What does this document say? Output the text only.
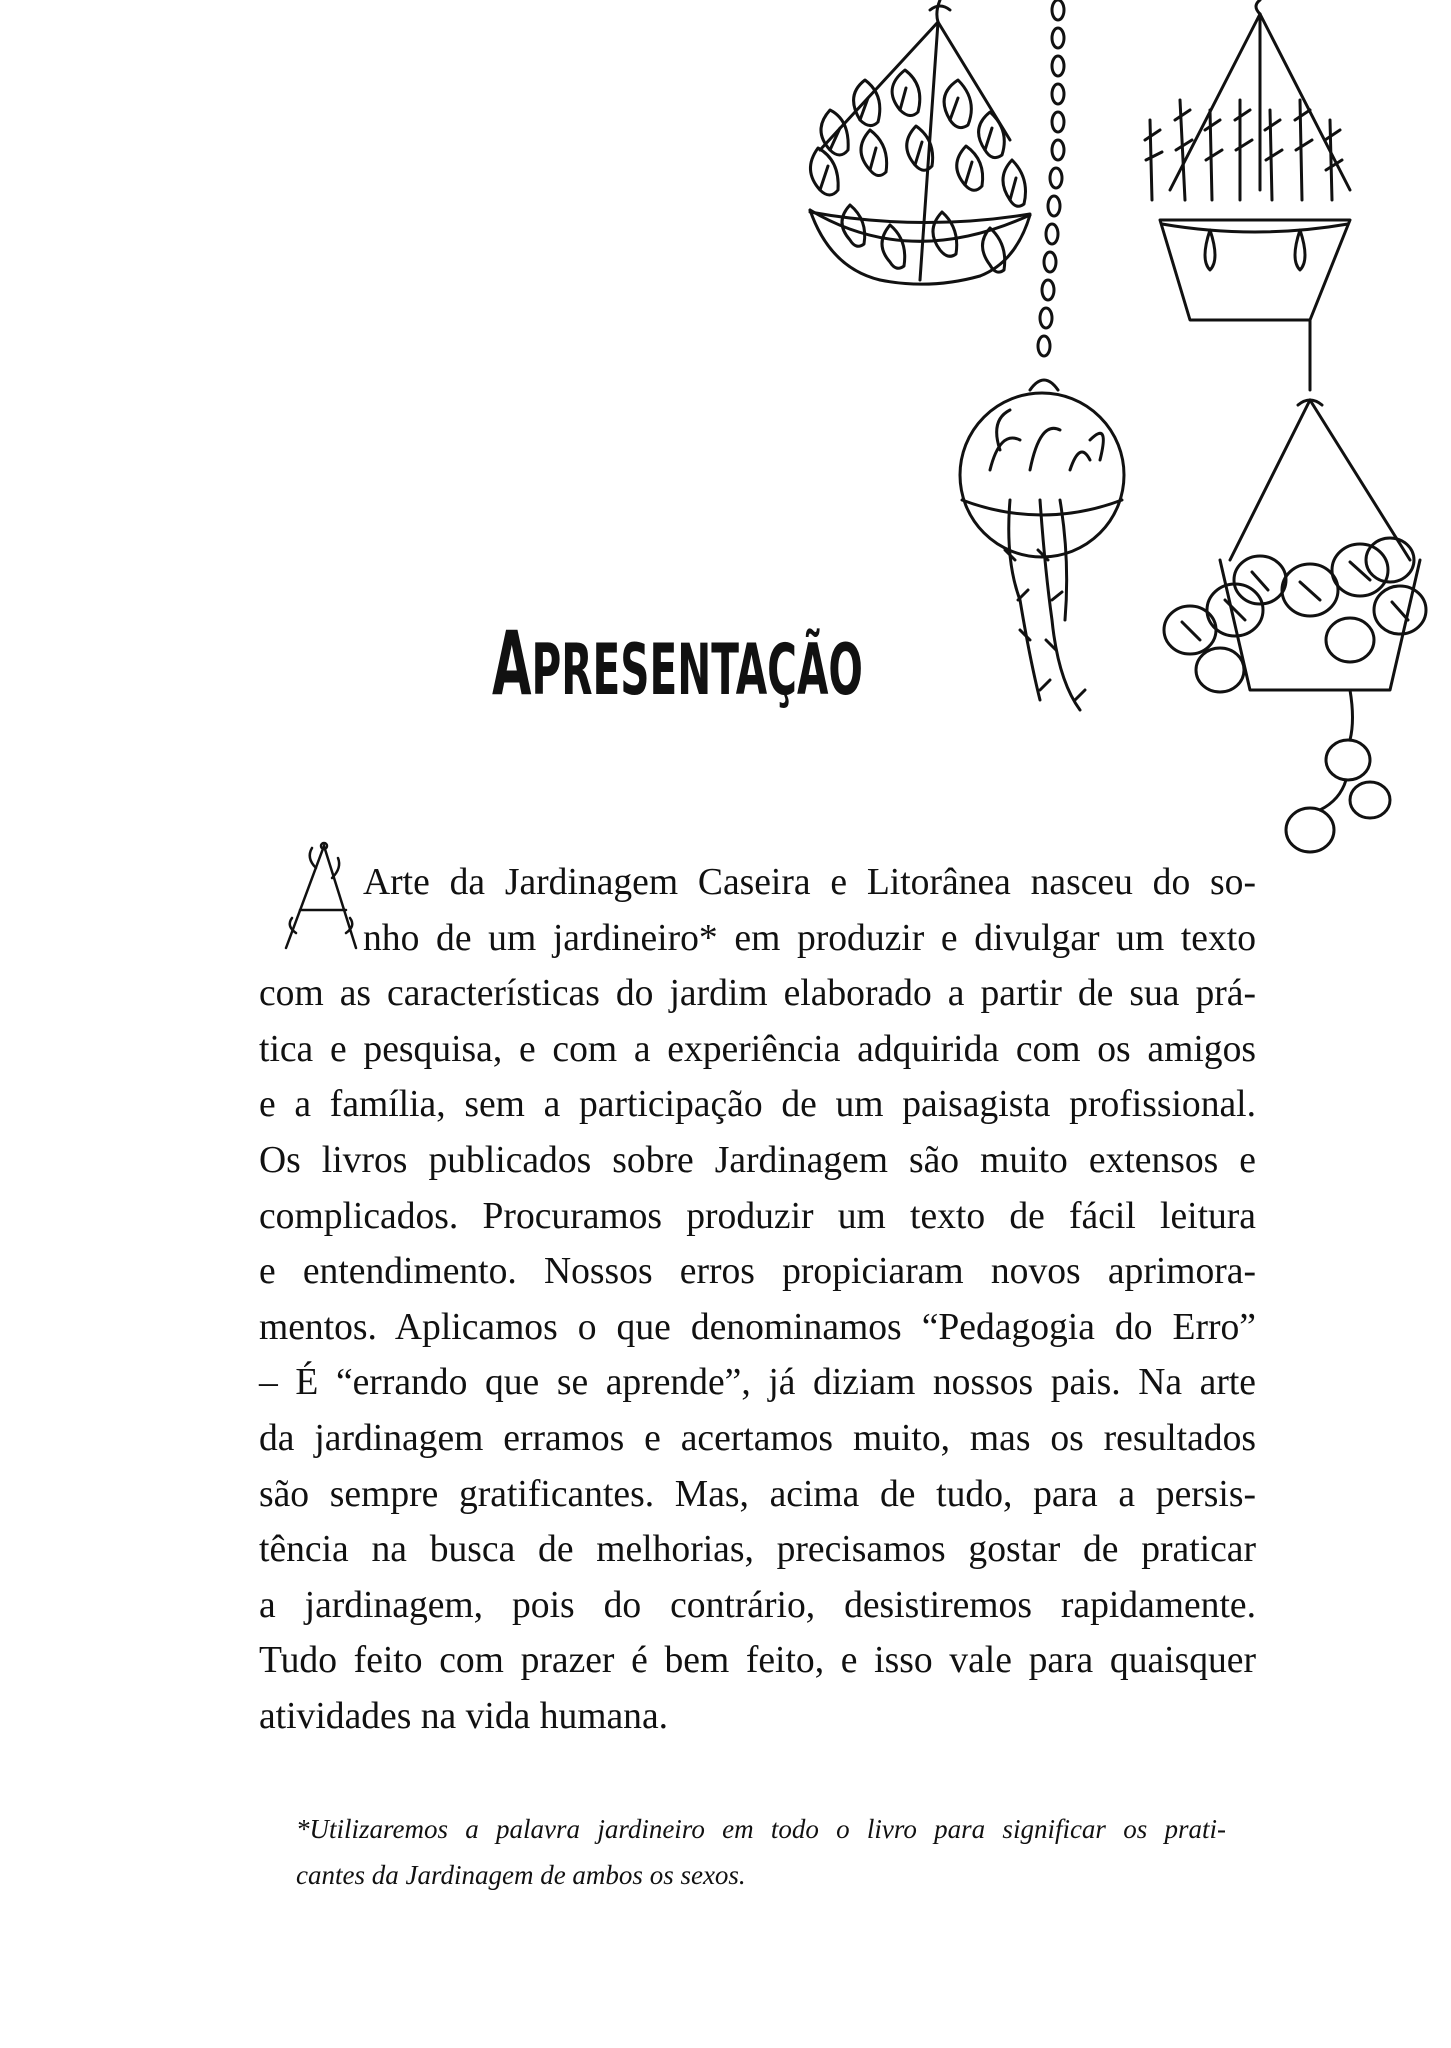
APRESENTAÇÃO
Arte da Jardinagem Caseira e Litorânea nasceu do so-
nho de um jardineiro* em produzir e divulgar um texto
com as características do jardim elaborado a partir de sua prá-
tica e pesquisa, e com a experiência adquirida com os amigos
e a família, sem a participação de um paisagista profissional.
Os livros publicados sobre Jardinagem são muito extensos e
complicados. Procuramos produzir um texto de fácil leitura
e entendimento. Nossos erros propiciaram novos aprimora-
mentos. Aplicamos o que denominamos “Pedagogia do Erro”
– É “errando que se aprende”, já diziam nossos pais. Na arte
da jardinagem erramos e acertamos muito, mas os resultados
são sempre gratificantes. Mas, acima de tudo, para a persis-
tência na busca de melhorias, precisamos gostar de praticar
a jardinagem, pois do contrário, desistiremos rapidamente.
Tudo feito com prazer é bem feito, e isso vale para quaisquer
atividades na vida humana.
*Utilizaremos a palavra jardineiro em todo o livro para significar os prati-
cantes da Jardinagem de ambos os sexos.
